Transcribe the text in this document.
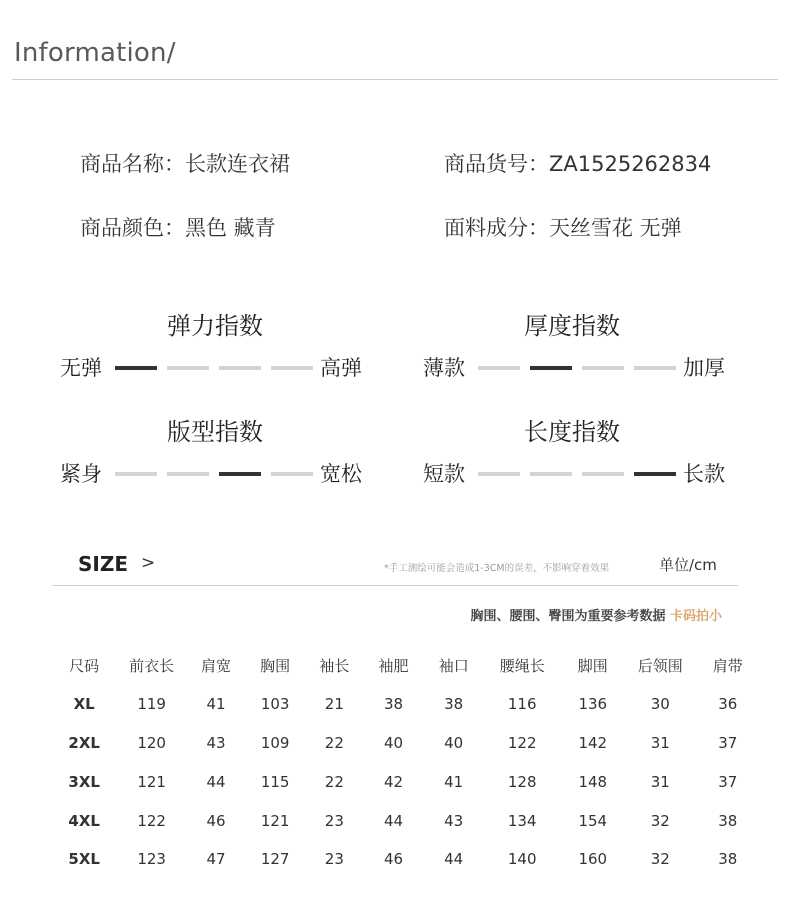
Information/
商品名称：长款连衣裙	商品货号：ZA1525262834
商品颜色：黑色 藏青	面料成分：天丝雪花 无弹
弹力指数
无弹	高弹
厚度指数
薄款	加厚
版型指数
紧身	宽松
长度指数
短款	长款
SIZE >	*手工测绘可能会造成1-3CM的误差，不影响穿着效果	单位/cm
胸围、腰围、臀围为重要参考数据 卡码拍小
尺码	前衣长	肩宽	胸围	袖长	袖肥	袖口	腰绳长	脚围	后领围	肩带
XL	119	41	103	21	38	38	116	136	30	36
2XL	120	43	109	22	40	40	122	142	31	37
3XL	121	44	115	22	42	41	128	148	31	37
4XL	122	46	121	23	44	43	134	154	32	38
5XL	123	47	127	23	46	44	140	160	32	38
